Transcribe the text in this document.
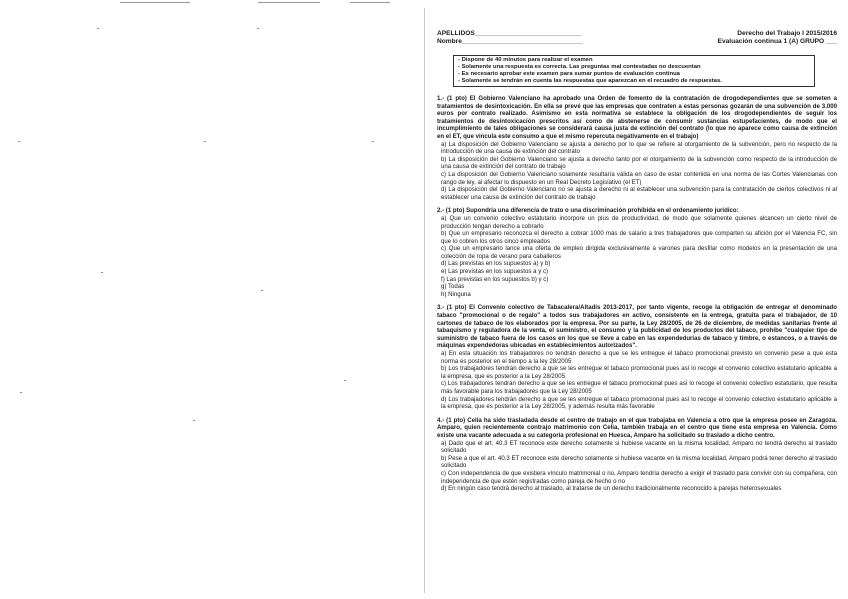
APELLIDOS_____________________________	Derecho del Trabajo I 2015/2016
Nombre_________________________________	Evaluación continua 1 (A) GRUPO ___
- Dispone de 40 minutos para realizar el examen
- Solamente una respuesta es correcta. Las preguntas mal contestadas no descuentan
- Es necesario aprobar este examen para sumar puntos de evaluación continua
- Solamente se tendrán en cuenta las respuestas que aparezcan en el recuadro de respuestas.
1.- (1 pto) El Gobierno Valenciano ha aprobado una Orden de fomento de la contratación de drogodependientes que se someten a tratamientos de desintoxicación. En ella se prevé que las empresas que contraten a estas personas gozarán de una subvención de 3.000 euros por contrato realizado. Asimismo en esta normativa se establece la obligación de los drogodependientes de seguir los tratamientos de desintoxicación prescritos así como de abstenerse de consumir sustancias estupefacientes, de modo que el incumplimiento de tales obligaciones se considerará causa justa de extinción del contrato (lo que no aparece como causa de extinción en el ET, que vincula este consumo a que el mismo repercuta negativamente en el trabajo)
a) La disposición del Gobierno Valenciano se ajusta a derecho por lo que se refiere al otorgamiento de la subvención, pero no respecto de la introducción de una causa de extinción del contrato
b) La disposición del Gobierno Valenciano se ajusta a derecho tanto por el otorgamiento de la subvención como respecto de la introducción de una causa de extinción del contrato de trabajo
c) La disposición del Gobierno Valenciano solamente resultaría válida en caso de estar contenida en una norma de las Cortes Valencianas con rango de ley, al afectar lo dispuesto en un Real Decreto Legislativo (el ET)
d) La disposición del Gobierno Valenciano no se ajusta a derecho ni al establecer una subvención para la contratación de ciertos colectivos ni al establecer una causa de extinción del contrato de trabajo
2.- (1 pto) Supondría una diferencia de trato o una discriminación prohibida en el ordenamiento jurídico:
a) Que un convenio colectivo estatutario incorpore un plus de productividad, de modo que solamente quienes alcancen un cierto nivel de producción tengan derecho a cobrarlo
b) Que un empresario reconozca el derecho a cobrar 1000 más de salario a tres trabajadores que comparten su afición por el Valencia FC, sin que lo cobren los otros cinco empleados
c) Que un empresario lance una oferta de empleo dirigida exclusivamente a varones para desfilar como modelos en la presentación de una colección de ropa de verano para caballeros
d) Las previstas en los supuestos a) y b)
e) Las previstas en los supuestos a y c)
f) Las previstas en los supuestos b) y c)
g) Todas
h) Ninguna
3.- (1 pto) El Convenio colectivo de Tabacalera/Altadis 2013-2017, por tanto vigente, recoge la obligación de entregar el denominado tabaco "promocional o de regalo" a todos sus trabajadores en activo, consistente en la entrega, gratuita para el trabajador, de 10 cartones de tabaco de los elaborados por la empresa. Por su parte, la Ley 28/2005, de 26 de diciembre, de medidas sanitarias frente al tabaquismo y reguladora de la venta, el suministro, el consumo y la publicidad de los productos del tabaco, prohíbe "cualquier tipo de suministro de tabaco fuera de los casos en los que se lleve a cabo en las expendedurías de tabaco y timbre, o estancos, o a través de máquinas expendedoras ubicadas en establecimientos autorizados".
a) En esta situación los trabajadores no tendrán derecho a que se les entregue el tabaco promocional previsto en convenio pese a que esta norma es posterior en el tiempo a la ley 28/2005
b) Los trabajadores tendrán derecho a que se les entregue el tabaco promocional pues así lo recoge el convenio colectivo estatutario aplicable a la empresa, que es posterior a la Ley 28/2005
c) Los trabajadores tendrán derecho a que se les entregue el tabaco promocional pues así lo recoge el convenio colectivo estatutario, que resulta más favorable para los trabajadores que la Ley 28/2005
d) Los trabajadores tendrán derecho a que se les entregue el tabaco promocional pues así lo recoge el convenio colectivo estatutario aplicable a la empresa, que es posterior a la Ley 28/2005, y además resulta más favorable
4.- (1 pto) Celia ha sido trasladada desde el centro de trabajo en el que trabajaba en Valencia a otro que la empresa posee en Zaragoza. Amparo, quien recientemente contrajo matrimonio con Celia, también trabaja en el centro que tiene esta empresa en Valencia. Como existe una vacante adecuada a su categoría profesional en Huesca, Amparo ha solicitado su traslado a dicho centro.
a) Dado que el art. 40.3 ET reconoce este derecho solamente si hubiese vacante en la misma localidad, Amparo no tendrá derecho al traslado solicitado
b) Pese a que el art. 40.3 ET reconoce este derecho solamente si hubiese vacante en la misma localidad, Amparo podrá tener derecho al traslado solicitado
c) Con independencia de que existiera vínculo matrimonial o no, Amparo tendría derecho a exigir el traslado para convivir con su compañera, con independencia de que estén registradas como pareja de hecho o no
d) En ningún caso tendrá derecho al traslado, al tratarse de un derecho tradicionalmente reconocido a parejas heterosexuales
